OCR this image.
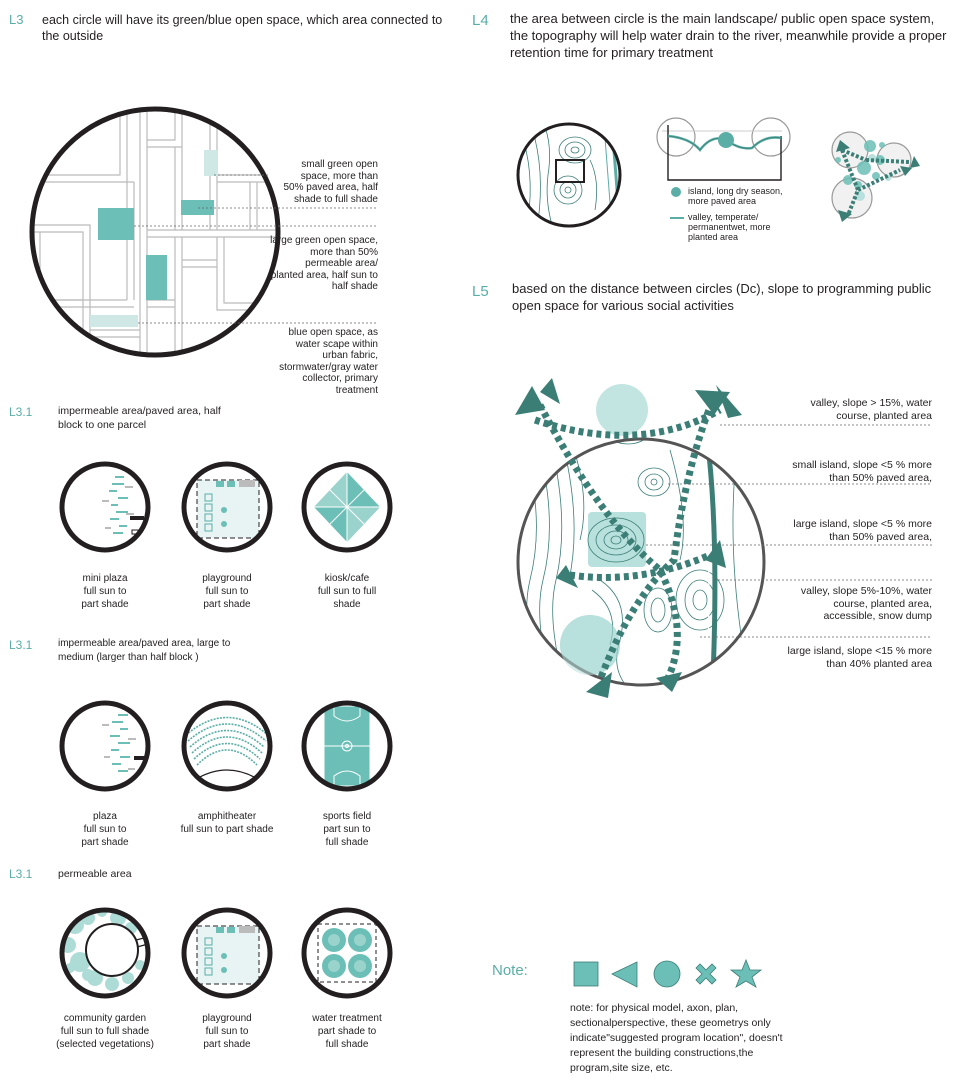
L3 each circle will have its green/blue open space, which area connected to the outside
small green open space, more than 50% paved area, half shade to full shade
large green open space, more than 50% permeable area/ planted area, half sun to half shade
blue open space, as water scape within urban fabric, stormwater/gray water collector, primary treatment
L3.1 impermeable area/paved area, half block to one parcel
mini plaza
full sun to part shade
playground
full sun to part shade
kiosk/cafe
full sun to full shade
L3.1	impermeable area/paved area, large to medium (larger than half block )
plaza
full sun to part shade
amphitheater
full sun to part shade
sports field
part sun to full shade
L3.1 permeable area
community garden
full sun to full shade
(selected vegetations)
playground
full sun to part shade
water treatment
part shade to full shade
L4 the area between circle is the main landscape/ public open space system, the topography will help water drain to the river, meanwhile provide a proper retention time for primary treatment
island, long dry season, more paved area
valley, temperate/ permanentwet, more planted area
L5 based on the distance between circles (Dc), slope to programming public open space for various social activities
valley, slope > 15%, water course, planted area
small island, slope <5 % more than 50% paved area,
large island, slope <5 % more than 50% paved area,
valley, slope 5%-10%, water course, planted area, accessible, snow dump
large island, slope <15 % more than 40% planted area
Note:
note: for physical model, axon, plan, sectionalperspective, these geometrys only indicate"suggested program location", doesn't represent the building constructions,the program,site size, etc.
